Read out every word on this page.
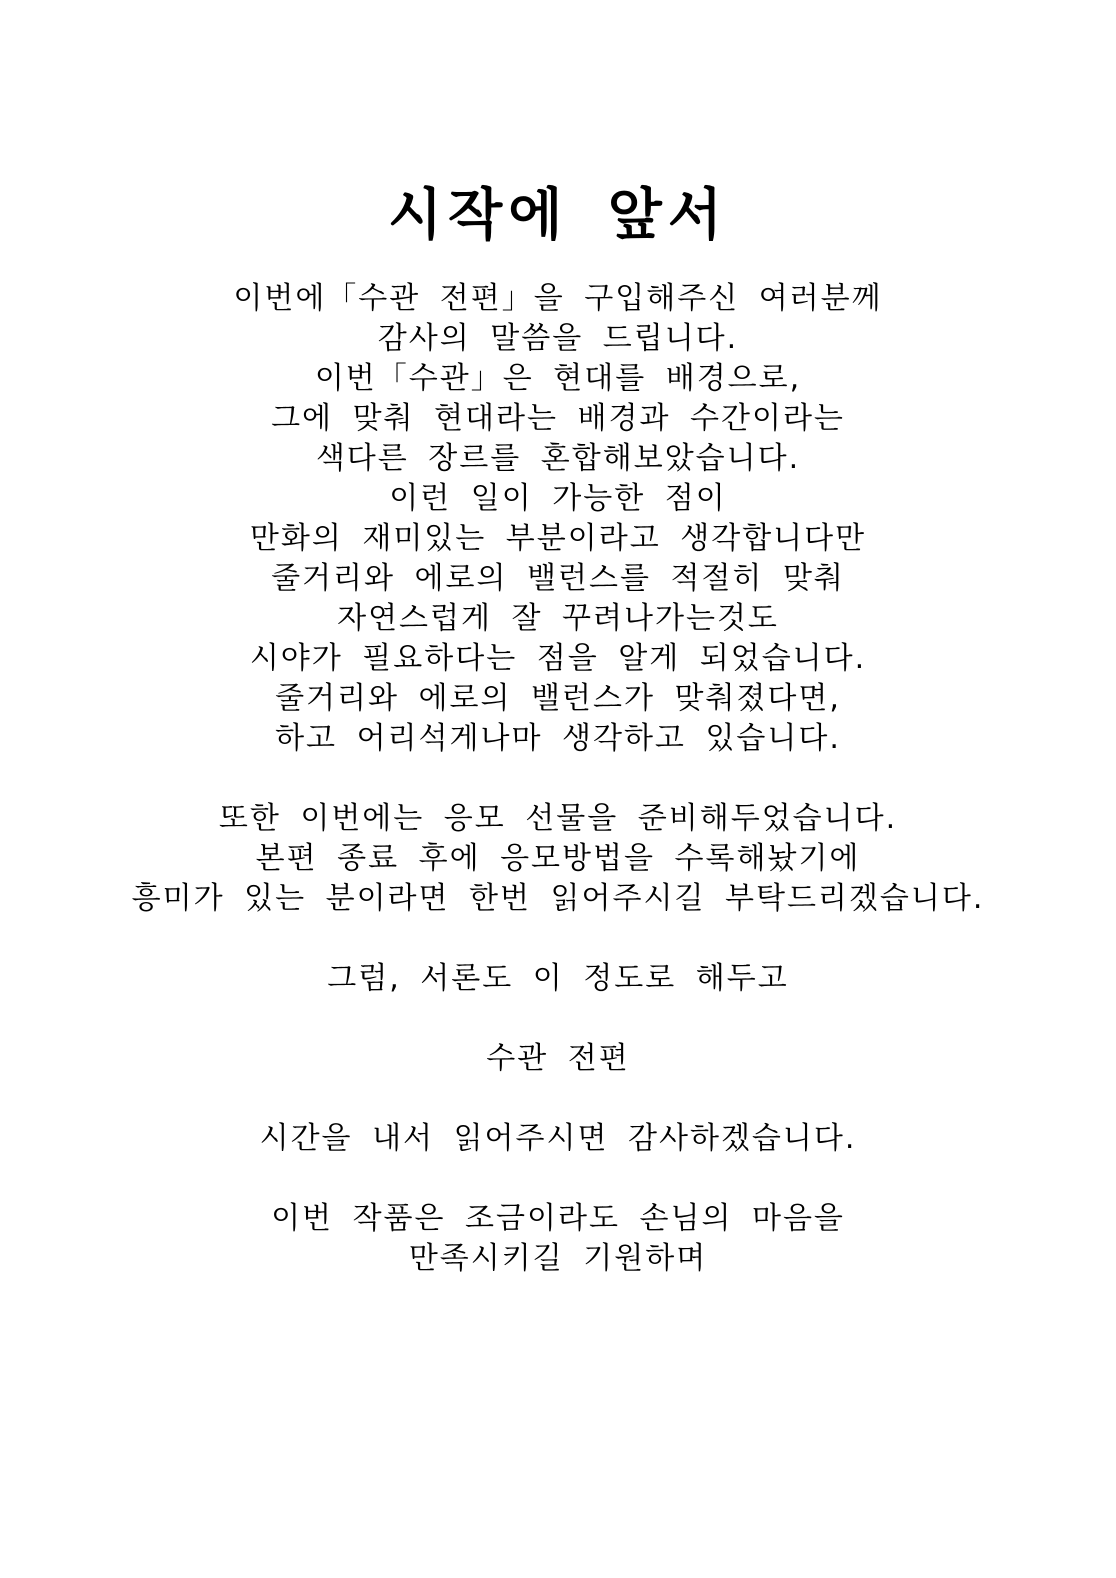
시작에 앞서
이번에「수관 전편」을 구입해주신 여러분께
감사의 말씀을 드립니다.
이번「수관」은 현대를 배경으로,
그에 맞춰 현대라는 배경과 수간이라는
색다른 장르를 혼합해보았습니다.
이런 일이 가능한 점이
만화의 재미있는 부분이라고 생각합니다만
줄거리와 에로의 밸런스를 적절히 맞춰
자연스럽게 잘 꾸려나가는것도
시야가 필요하다는 점을 알게 되었습니다.
줄거리와 에로의 밸런스가 맞춰졌다면,
하고 어리석게나마 생각하고 있습니다.
또한 이번에는 응모 선물을 준비해두었습니다.
본편 종료 후에 응모방법을 수록해놨기에
흥미가 있는 분이라면 한번 읽어주시길 부탁드리겠습니다.
그럼, 서론도 이 정도로 해두고
수관 전편
시간을 내서 읽어주시면 감사하겠습니다.
이번 작품은 조금이라도 손님의 마음을
만족시키길 기원하며
